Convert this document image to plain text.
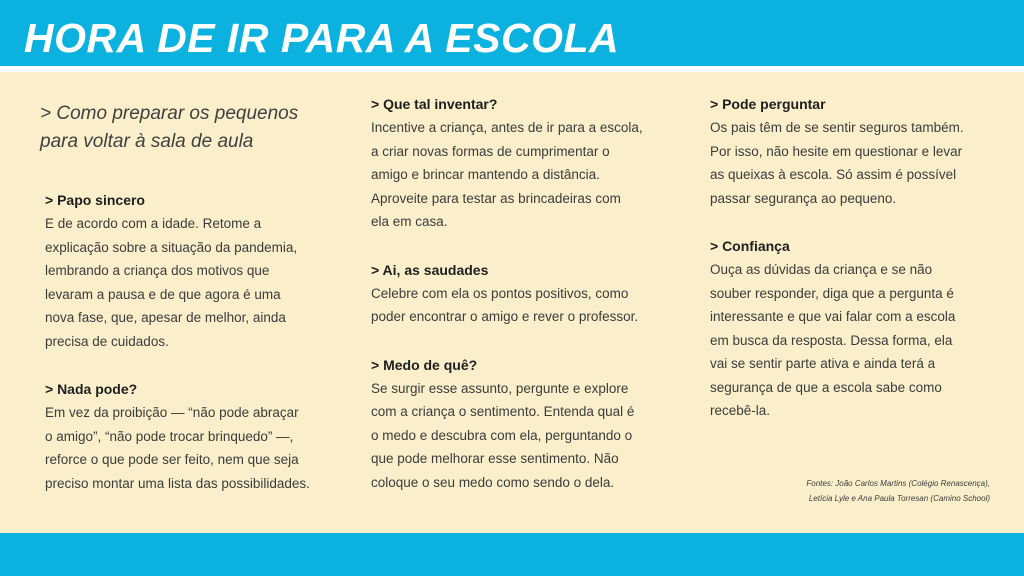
HORA DE IR PARA A ESCOLA
> Como preparar os pequenos
para voltar à sala de aula
> Papo sincero
E de acordo com a idade. Retome a
explicação sobre a situação da pandemia,
lembrando a criança dos motivos que
levaram a pausa e de que agora é uma
nova fase, que, apesar de melhor, ainda
precisa de cuidados.
> Nada pode?
Em vez da proibição — “não pode abraçar
o amigo”, “não pode trocar brinquedo” —,
reforce o que pode ser feito, nem que seja
preciso montar uma lista das possibilidades.
> Que tal inventar?
Incentive a criança, antes de ir para a escola,
a criar novas formas de cumprimentar o
amigo e brincar mantendo a distância.
Aproveite para testar as brincadeiras com
ela em casa.
> Ai, as saudades
Celebre com ela os pontos positivos, como
poder encontrar o amigo e rever o professor.
> Medo de quê?
Se surgir esse assunto, pergunte e explore
com a criança o sentimento. Entenda qual é
o medo e descubra com ela, perguntando o
que pode melhorar esse sentimento. Não
coloque o seu medo como sendo o dela.
> Pode perguntar
Os pais têm de se sentir seguros também.
Por isso, não hesite em questionar e levar
as queixas à escola. Só assim é possível
passar segurança ao pequeno.
> Confiança
Ouça as dúvidas da criança e se não
souber responder, diga que a pergunta é
interessante e que vai falar com a escola
em busca da resposta. Dessa forma, ela
vai se sentir parte ativa e ainda terá a
segurança de que a escola sabe como
recebê-la.
Fontes: João Carlos Martins (Colégio Renascença),
Letícia Lyle e Ana Paula Torresan (Camino School)
